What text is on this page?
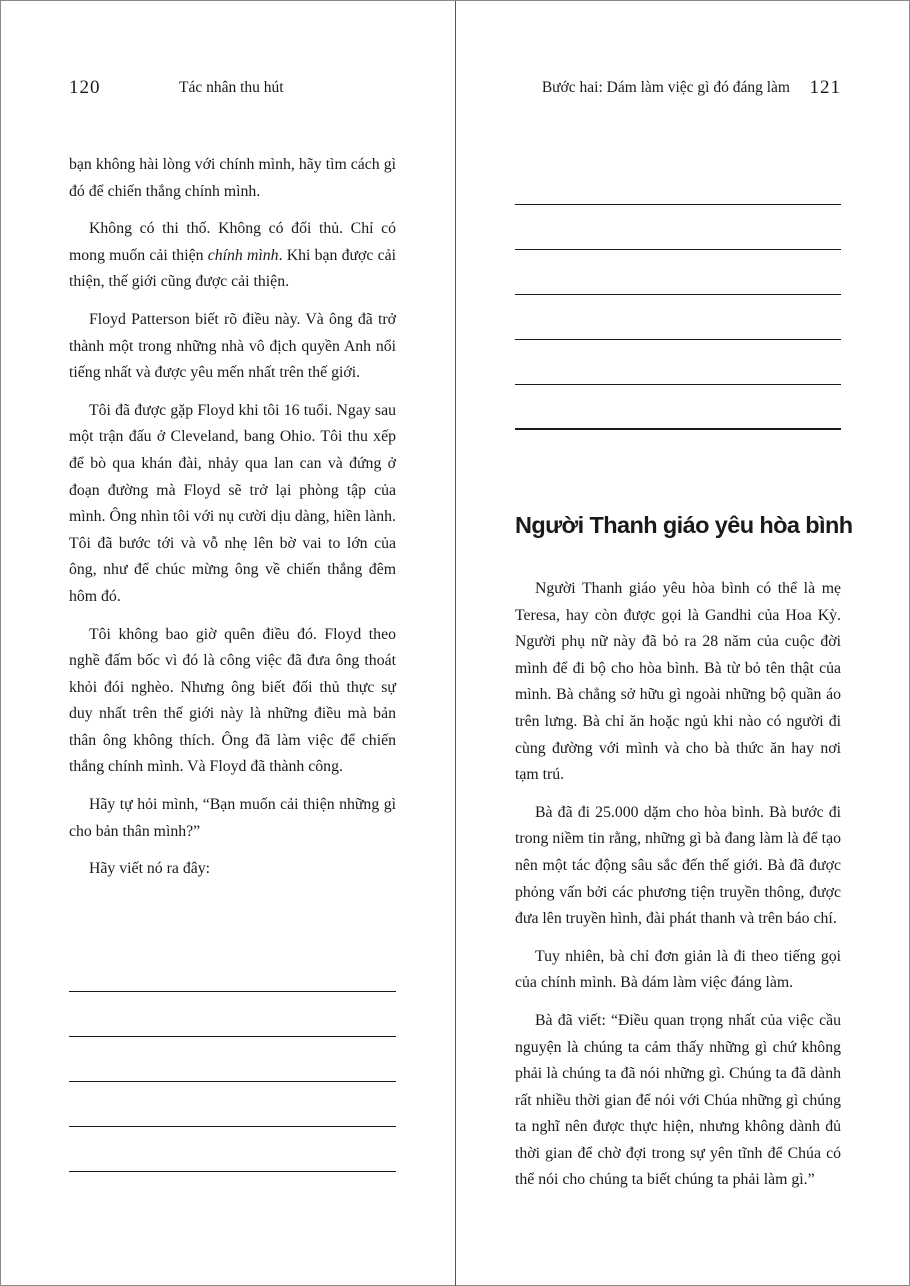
120	Tác nhân thu hút

bạn không hài lòng với chính mình, hãy tìm cách gì đó để chiến thắng chính mình.

Không có thi thố. Không có đối thủ. Chỉ có mong muốn cải thiện chính mình. Khi bạn được cải thiện, thế giới cũng được cải thiện.

Floyd Patterson biết rõ điều này. Và ông đã trở thành một trong những nhà vô địch quyền Anh nổi tiếng nhất và được yêu mến nhất trên thế giới.

Tôi đã được gặp Floyd khi tôi 16 tuổi. Ngay sau một trận đấu ở Cleveland, bang Ohio. Tôi thu xếp để bò qua khán đài, nhảy qua lan can và đứng ở đoạn đường mà Floyd sẽ trở lại phòng tập của mình. Ông nhìn tôi với nụ cười dịu dàng, hiền lành. Tôi đã bước tới và vỗ nhẹ lên bờ vai to lớn của ông, như để chúc mừng ông về chiến thắng đêm hôm đó.

Tôi không bao giờ quên điều đó. Floyd theo nghề đấm bốc vì đó là công việc đã đưa ông thoát khỏi đói nghèo. Nhưng ông biết đối thủ thực sự duy nhất trên thế giới này là những điều mà bản thân ông không thích. Ông đã làm việc để chiến thắng chính mình. Và Floyd đã thành công.

Hãy tự hỏi mình, “Bạn muốn cải thiện những gì cho bản thân mình?”

Hãy viết nó ra đây:

Bước hai: Dám làm việc gì đó đáng làm 121
Người Thanh giáo yêu hòa bình

Người Thanh giáo yêu hòa bình có thể là mẹ Teresa, hay còn được gọi là Gandhi của Hoa Kỳ. Người phụ nữ này đã bỏ ra 28 năm của cuộc đời mình để đi bộ cho hòa bình. Bà từ bỏ tên thật của mình. Bà chẳng sở hữu gì ngoài những bộ quần áo trên lưng. Bà chỉ ăn hoặc ngủ khi nào có người đi cùng đường với mình và cho bà thức ăn hay nơi tạm trú.

Bà đã đi 25.000 dặm cho hòa bình. Bà bước đi trong niềm tin rằng, những gì bà đang làm là để tạo nên một tác động sâu sắc đến thế giới. Bà đã được phỏng vấn bởi các phương tiện truyền thông, được đưa lên truyền hình, đài phát thanh và trên báo chí.

Tuy nhiên, bà chỉ đơn giản là đi theo tiếng gọi của chính mình. Bà dám làm việc đáng làm.

Bà đã viết: “Điều quan trọng nhất của việc cầu nguyện là chúng ta cảm thấy những gì chứ không phải là chúng ta đã nói những gì. Chúng ta đã dành rất nhiều thời gian để nói với Chúa những gì chúng ta nghĩ nên được thực hiện, nhưng không dành đủ thời gian để chờ đợi trong sự yên tĩnh để Chúa có thể nói cho chúng ta biết chúng ta phải làm gì.”
